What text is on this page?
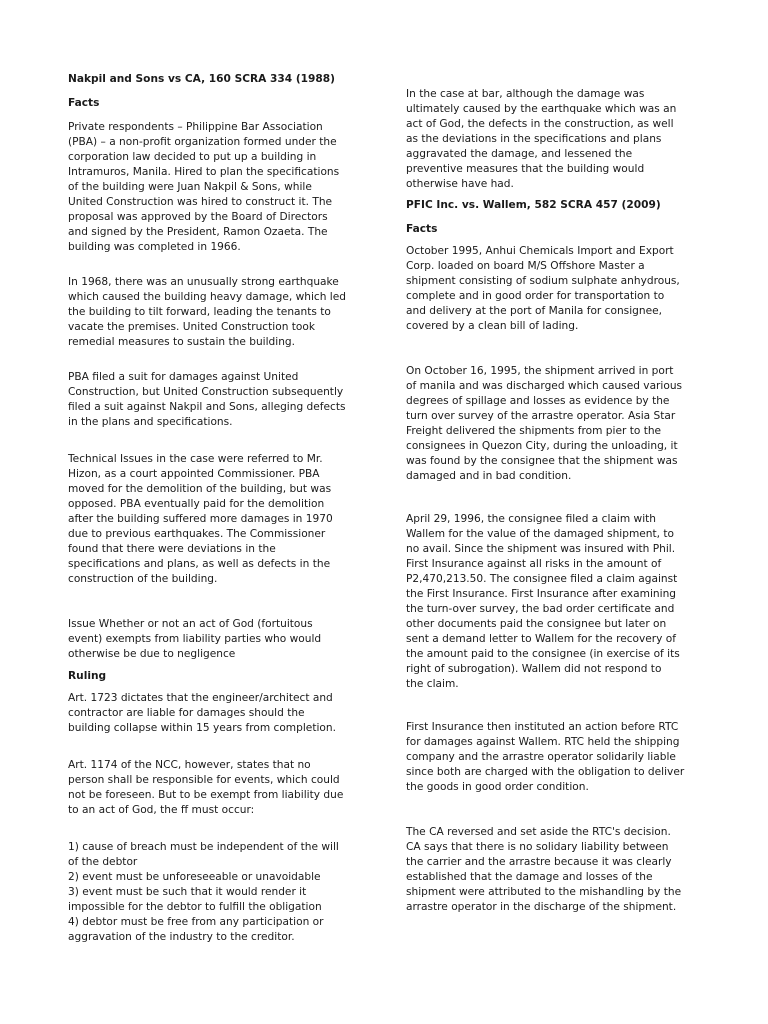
Nakpil and Sons vs CA, 160 SCRA 334 (1988)

Facts

Private respondents – Philippine Bar Association
(PBA) – a non-profit organization formed under the
corporation law decided to put up a building in
Intramuros, Manila. Hired to plan the specifications
of the building were Juan Nakpil & Sons, while
United Construction was hired to construct it. The
proposal was approved by the Board of Directors
and signed by the President, Ramon Ozaeta. The
building was completed in 1966.

In 1968, there was an unusually strong earthquake
which caused the building heavy damage, which led
the building to tilt forward, leading the tenants to
vacate the premises. United Construction took
remedial measures to sustain the building.

PBA filed a suit for damages against United
Construction, but United Construction subsequently
filed a suit against Nakpil and Sons, alleging defects
in the plans and specifications.

Technical Issues in the case were referred to Mr.
Hizon, as a court appointed Commissioner. PBA
moved for the demolition of the building, but was
opposed. PBA eventually paid for the demolition
after the building suffered more damages in 1970
due to previous earthquakes. The Commissioner
found that there were deviations in the
specifications and plans, as well as defects in the
construction of the building.

Issue Whether or not an act of God (fortuitous
event) exempts from liability parties who would
otherwise be due to negligence

Ruling

Art. 1723 dictates that the engineer/architect and
contractor are liable for damages should the
building collapse within 15 years from completion.

Art. 1174 of the NCC, however, states that no
person shall be responsible for events, which could
not be foreseen. But to be exempt from liability due
to an act of God, the ff must occur:

1) cause of breach must be independent of the will
of the debtor
2) event must be unforeseeable or unavoidable
3) event must be such that it would render it
impossible for the debtor to fulfill the obligation
4) debtor must be free from any participation or
aggravation of the industry to the creditor.

In the case at bar, although the damage was
ultimately caused by the earthquake which was an
act of God, the defects in the construction, as well
as the deviations in the specifications and plans
aggravated the damage, and lessened the
preventive measures that the building would
otherwise have had.

PFIC Inc. vs. Wallem, 582 SCRA 457 (2009)

Facts

October 1995, Anhui Chemicals Import and Export
Corp. loaded on board M/S Offshore Master a
shipment consisting of sodium sulphate anhydrous,
complete and in good order for transportation to
and delivery at the port of Manila for consignee,
covered by a clean bill of lading.

On October 16, 1995, the shipment arrived in port
of manila and was discharged which caused various
degrees of spillage and losses as evidence by the
turn over survey of the arrastre operator. Asia Star
Freight delivered the shipments from pier to the
consignees in Quezon City, during the unloading, it
was found by the consignee that the shipment was
damaged and in bad condition.

April 29, 1996, the consignee filed a claim with
Wallem for the value of the damaged shipment, to
no avail. Since the shipment was insured with Phil.
First Insurance against all risks in the amount of
P2,470,213.50. The consignee filed a claim against
the First Insurance. First Insurance after examining
the turn-over survey, the bad order certificate and
other documents paid the consignee but later on
sent a demand letter to Wallem for the recovery of
the amount paid to the consignee (in exercise of its
right of subrogation). Wallem did not respond to
the claim.

First Insurance then instituted an action before RTC
for damages against Wallem. RTC held the shipping
company and the arrastre operator solidarily liable
since both are charged with the obligation to deliver
the goods in good order condition.

The CA reversed and set aside the RTC's decision.
CA says that there is no solidary liability between
the carrier and the arrastre because it was clearly
established that the damage and losses of the
shipment were attributed to the mishandling by the
arrastre operator in the discharge of the shipment.
